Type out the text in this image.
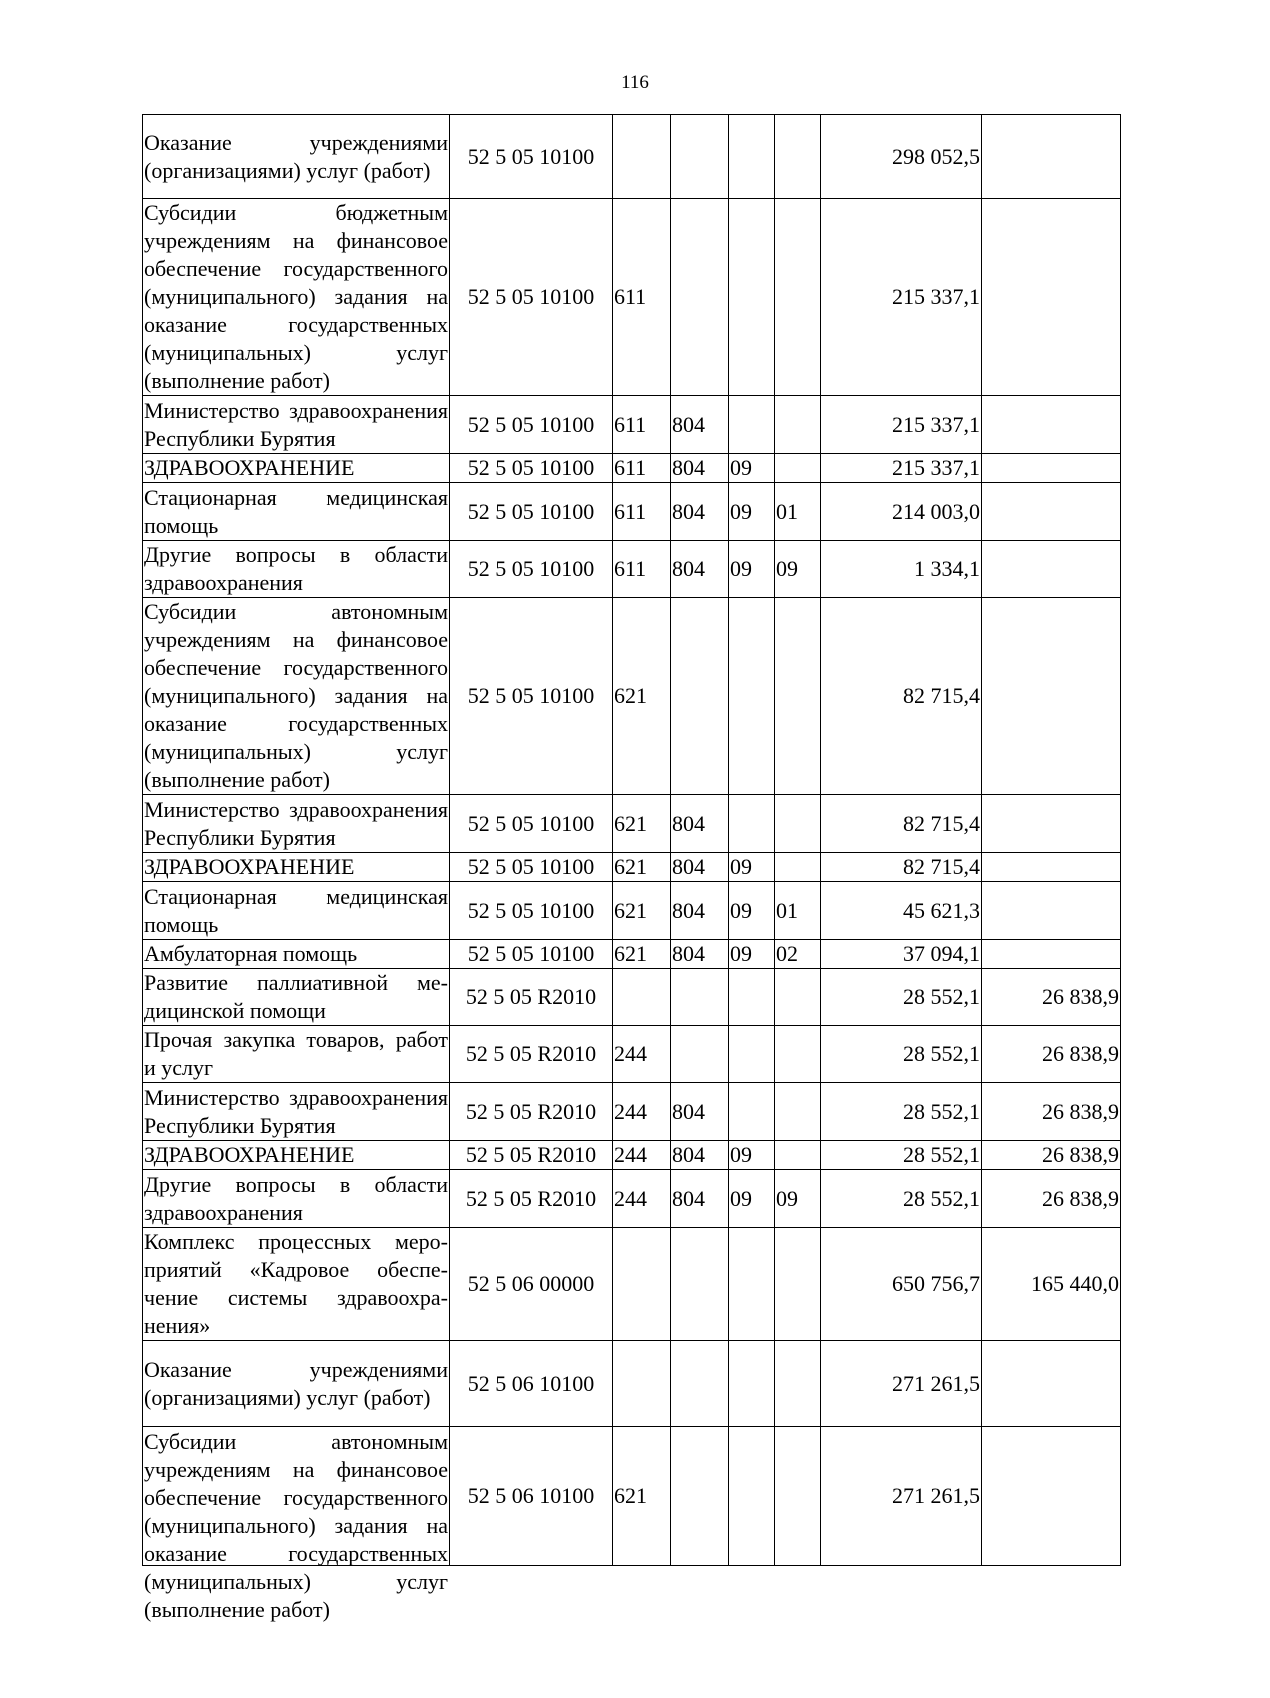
116
Оказание учреждениями (организациями) услуг (работ)	52 5 05 10100					298 052,5	
Субсидии бюджетным учреждениям на финансовое обеспечение государственного (муниципального) задания на оказание государственных (муниципальных) услуг (выполнение работ)	52 5 05 10100	611				215 337,1	
Министерство здравоохранения Республики Бурятия	52 5 05 10100	611	804			215 337,1	
ЗДРАВООХРАНЕНИЕ	52 5 05 10100	611	804	09		215 337,1	
Стационарная медицинская помощь	52 5 05 10100	611	804	09	01	214 003,0	
Другие вопросы в области здравоохранения	52 5 05 10100	611	804	09	09	1 334,1	
Субсидии автономным учреждениям на финансовое обеспечение государственного (муниципального) задания на оказание государственных (муниципальных) услуг (выполнение работ)	52 5 05 10100	621				82 715,4	
Министерство здравоохранения Республики Бурятия	52 5 05 10100	621	804			82 715,4	
ЗДРАВООХРАНЕНИЕ	52 5 05 10100	621	804	09		82 715,4	
Стационарная медицинская помощь	52 5 05 10100	621	804	09	01	45 621,3	
Амбулаторная помощь	52 5 05 10100	621	804	09	02	37 094,1	
Развитие паллиативной медицинской помощи	52 5 05 R2010					28 552,1	26 838,9
Прочая закупка товаров, работ и услуг	52 5 05 R2010	244				28 552,1	26 838,9
Министерство здравоохранения Республики Бурятия	52 5 05 R2010	244	804			28 552,1	26 838,9
ЗДРАВООХРАНЕНИЕ	52 5 05 R2010	244	804	09		28 552,1	26 838,9
Другие вопросы в области здравоохранения	52 5 05 R2010	244	804	09	09	28 552,1	26 838,9
Комплекс процессных мероприятий «Кадровое обеспечение системы здравоохранения»	52 5 06 00000					650 756,7	165 440,0
Оказание учреждениями (организациями) услуг (работ)	52 5 06 10100					271 261,5	

Субсидии автономным учреждениям на финансовое обеспечение государственного (муниципального) задания на оказание государственных (муниципальных) услуг (выполнение работ)	52 5 06 10100	621				271 261,5	
